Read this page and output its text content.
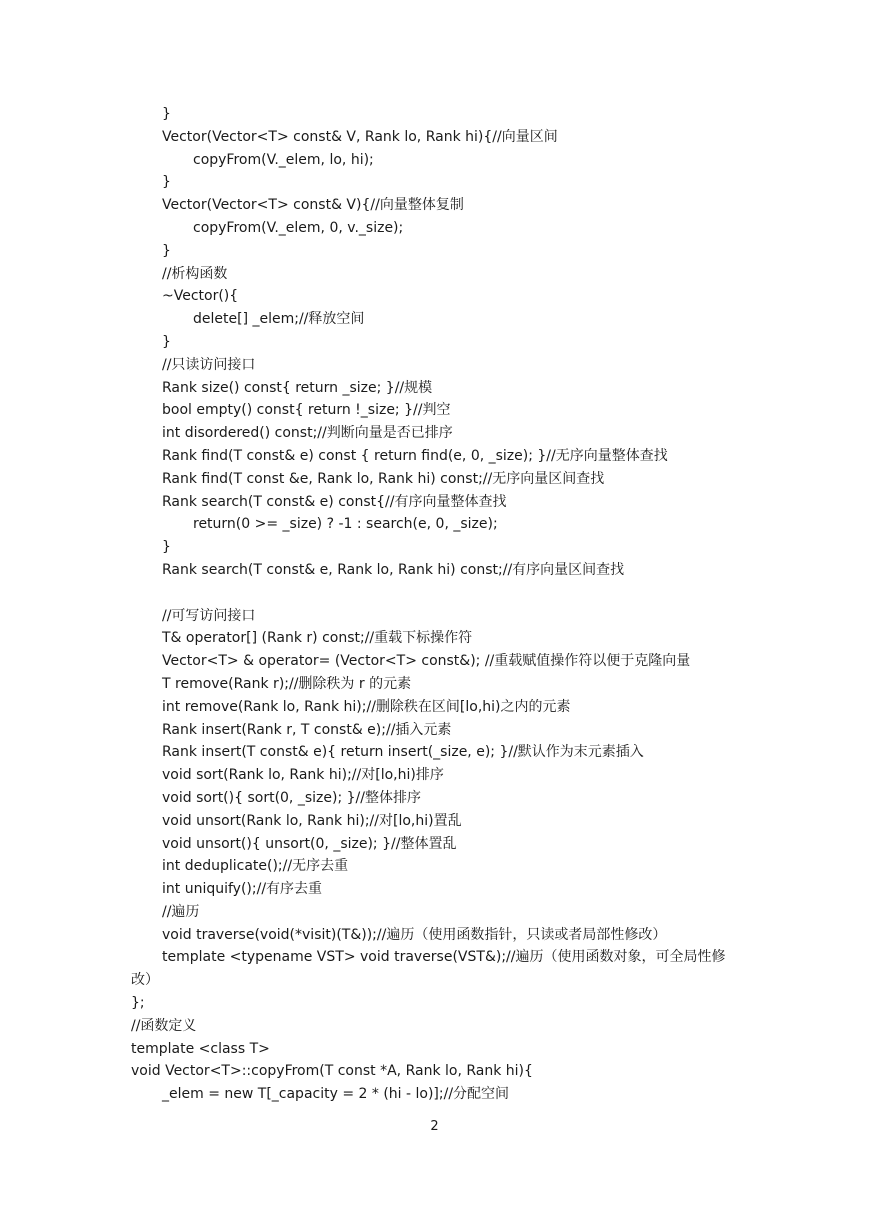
}
Vector(Vector<T> const& V, Rank lo, Rank hi){//向量区间
copyFrom(V._elem, lo, hi);
}
Vector(Vector<T> const& V){//向量整体复制
copyFrom(V._elem, 0, v._size);
}
//析构函数
~Vector(){
delete[] _elem;//释放空间
}
//只读访问接口
Rank size() const{ return _size; }//规模
bool empty() const{ return !_size; }//判空
int disordered() const;//判断向量是否已排序
Rank find(T const& e) const { return find(e, 0, _size); }//无序向量整体查找
Rank find(T const &e, Rank lo, Rank hi) const;//无序向量区间查找
Rank search(T const& e) const{//有序向量整体查找
return(0 >= _size) ? -1 : search(e, 0, _size);
}
Rank search(T const& e, Rank lo, Rank hi) const;//有序向量区间查找
//可写访问接口
T& operator[] (Rank r) const;//重载下标操作符
Vector<T> & operator= (Vector<T> const&); //重载赋值操作符以便于克隆向量
T remove(Rank r);//删除秩为 r 的元素
int remove(Rank lo, Rank hi);//删除秩在区间[lo,hi)之内的元素
Rank insert(Rank r, T const& e);//插入元素
Rank insert(T const& e){ return insert(_size, e); }//默认作为末元素插入
void sort(Rank lo, Rank hi);//对[lo,hi)排序
void sort(){ sort(0, _size); }//整体排序
void unsort(Rank lo, Rank hi);//对[lo,hi)置乱
void unsort(){ unsort(0, _size); }//整体置乱
int deduplicate();//无序去重
int uniquify();//有序去重
//遍历
void traverse(void(*visit)(T&));//遍历（使用函数指针，只读或者局部性修改）
template <typename VST> void traverse(VST&);//遍历（使用函数对象，可全局性修
改）
};
//函数定义
template <class T>
void Vector<T>::copyFrom(T const *A, Rank lo, Rank hi){
_elem = new T[_capacity = 2 * (hi - lo)];//分配空间
2
